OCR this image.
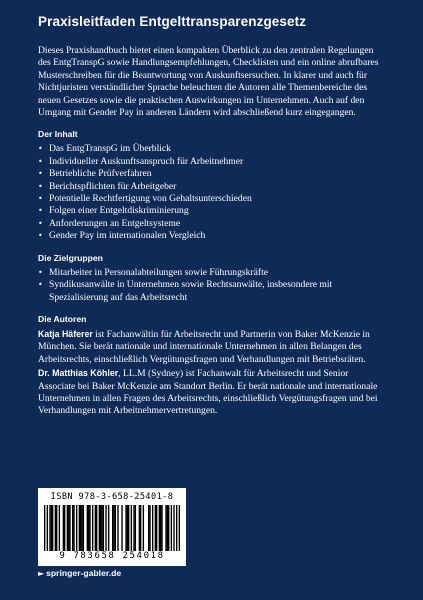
Praxisleitfaden Entgelttransparenzgesetz

Dieses Praxishandbuch bietet einen kompakten Überblick zu den zentralen Regelungen des EntgTranspG sowie Handlungsempfehlungen, Checklisten und ein online abrufbares Musterschreiben für die Beantwortung von Auskunftsersuchen. In klarer und auch für Nichtjuristen verständlicher Sprache beleuchten die Autoren alle Themenbereiche des neuen Gesetzes sowie die praktischen Auswirkungen im Unternehmen. Auch auf den Umgang mit Gender Pay in anderen Ländern wird abschließend kurz eingegangen.

Der Inhalt
• Das EntgTranspG im Überblick
• Individueller Auskunftsanspruch für Arbeitnehmer
• Betriebliche Prüfverfahren
• Berichtspflichten für Arbeitgeber
• Potentielle Rechtfertigung von Gehaltsunterschieden
• Folgen einer Entgeltdiskriminierung
• Anforderungen an Entgeltsysteme
• Gender Pay im internationalen Vergleich
Die Zielgruppen
• Mitarbeiter in Personalabteilungen sowie Führungskräfte
• Syndikusanwälte in Unternehmen sowie Rechtsanwälte, insbesondere mit Spezialisierung auf das Arbeitsrecht
Die Autoren

Katja Häferer ist Fachanwältin für Arbeitsrecht und Partnerin von Baker McKenzie in München. Sie berät nationale und internationale Unternehmen in allen Belangen des Arbeitsrechts, einschließlich Vergütungsfragen und Verhandlungen mit Betriebsräten.

Dr. Matthias Köhler, LL.M (Sydney) ist Fachanwalt für Arbeitsrecht und Senior Associate bei Baker McKenzie am Standort Berlin. Er berät nationale und internationale Unternehmen in allen Fragen des Arbeitsrechts, einschließlich Vergütungsfragen und bei Verhandlungen mit Arbeitnehmervertretungen.

ISBN 978-3-658-25401-8
9 783658 254018
► springer-gabler.de
